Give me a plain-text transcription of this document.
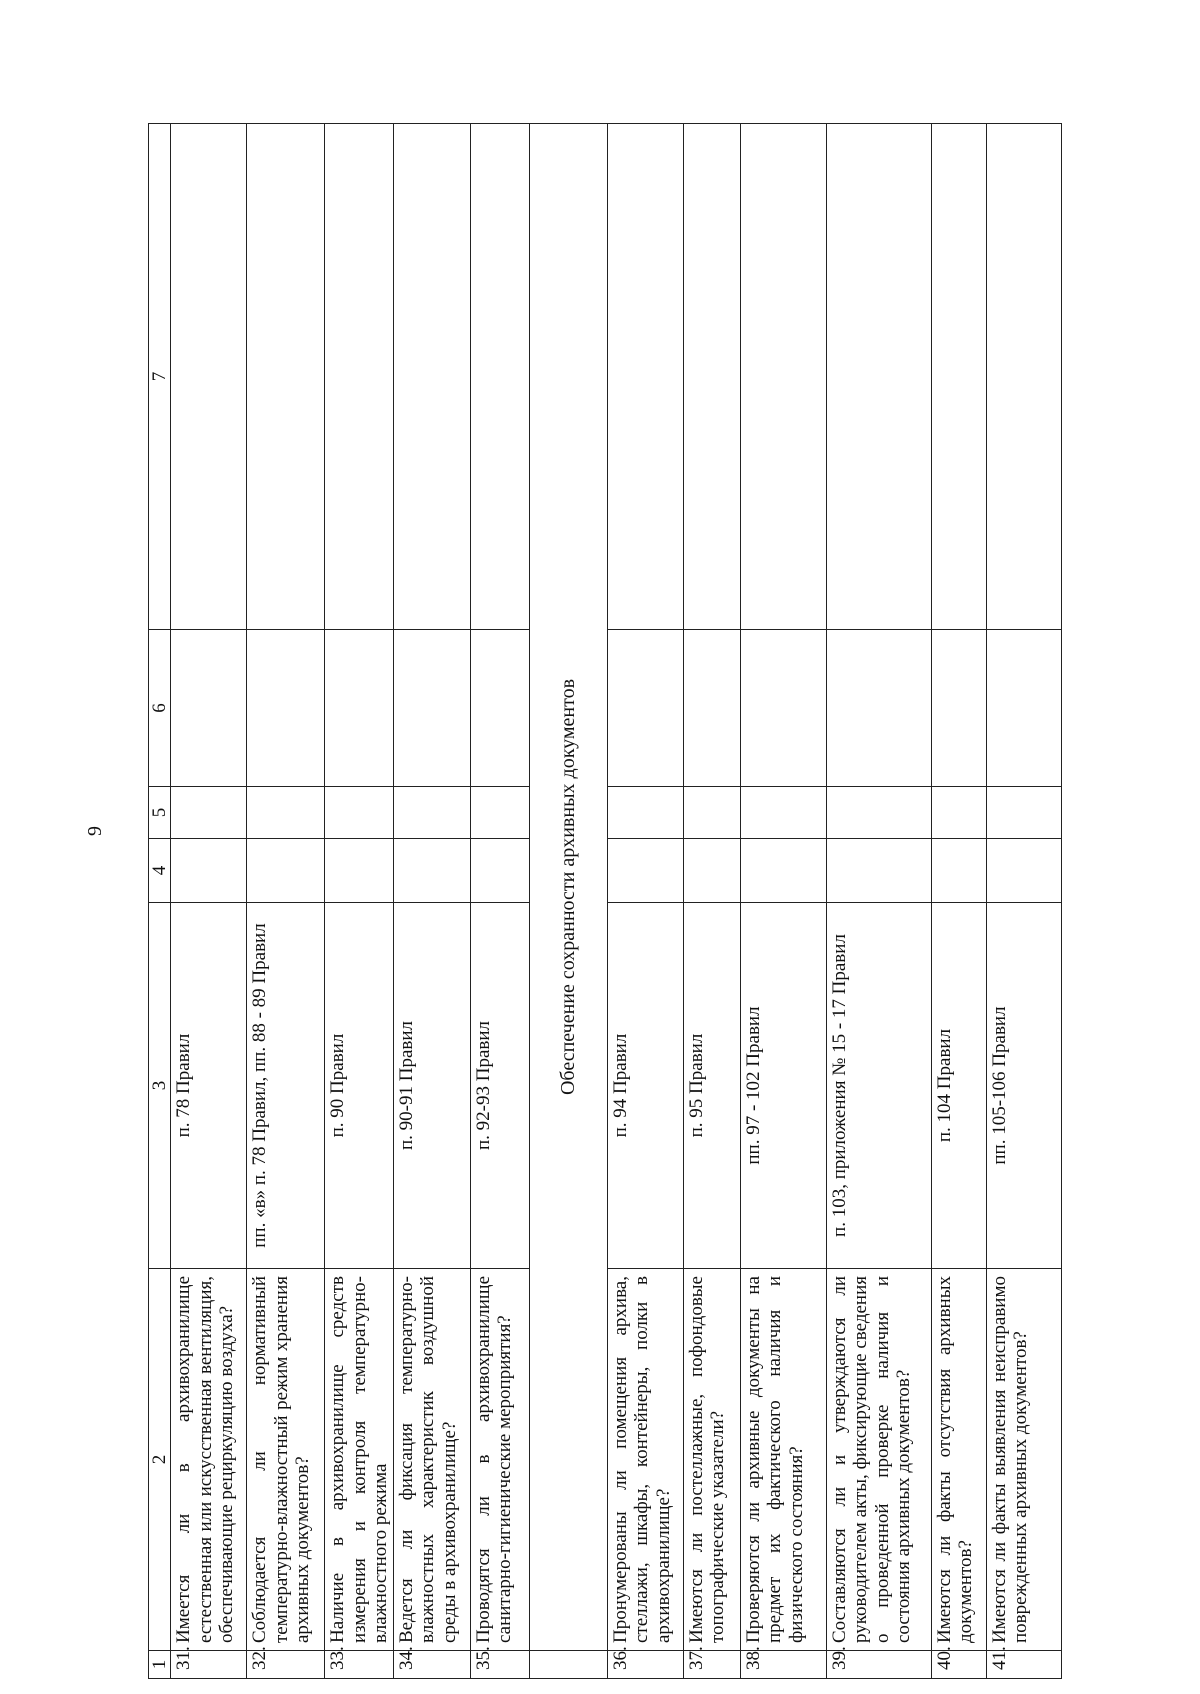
9
1	2	3	4	5	6	7
31.	Имеется ли в архивохранилище естественная или искусственная вентиляция, обеспечивающие рециркуляцию воздуха?	п. 78 Правил				
32.	Соблюдается ли нормативный температурно-влажностный режим хранения архивных документов?	пп. «в» п. 78 Правил, пп. 88 - 89 Правил				
33.	Наличие в архивохранилище средств измерения и контроля температурно-влажностного режима	п. 90 Правил				
34.	Ведется ли фиксация температурно-влажностных характеристик воздушной среды в архивохранилище?	п. 90-91 Правил				
35.	Проводятся ли в архивохранилище санитарно-гигиенические мероприятия?	п. 92-93 Правил				
	Обеспечение сохранности архивных документов					
36.	Пронумерованы ли помещения архива, стеллажи, шкафы, контейнеры, полки в архивохранилище?	п. 94 Правил				
37.	Имеются ли постеллажные, пофондовые топографические указатели?	п. 95 Правил				
38.	Проверяются ли архивные документы на предмет их фактического наличия и физического состояния?	пп. 97 - 102 Правил				
39.	Составляются ли и утверждаются ли руководителем акты, фиксирующие сведения о проведенной проверке наличия и состояния архивных документов?	п. 103, приложения № 15 - 17 Правил				
40.	Имеются ли факты отсутствия архивных документов?	п. 104 Правил				
41.	Имеются ли факты выявления неисправимо поврежденных архивных документов?	пп. 105-106 Правил				
